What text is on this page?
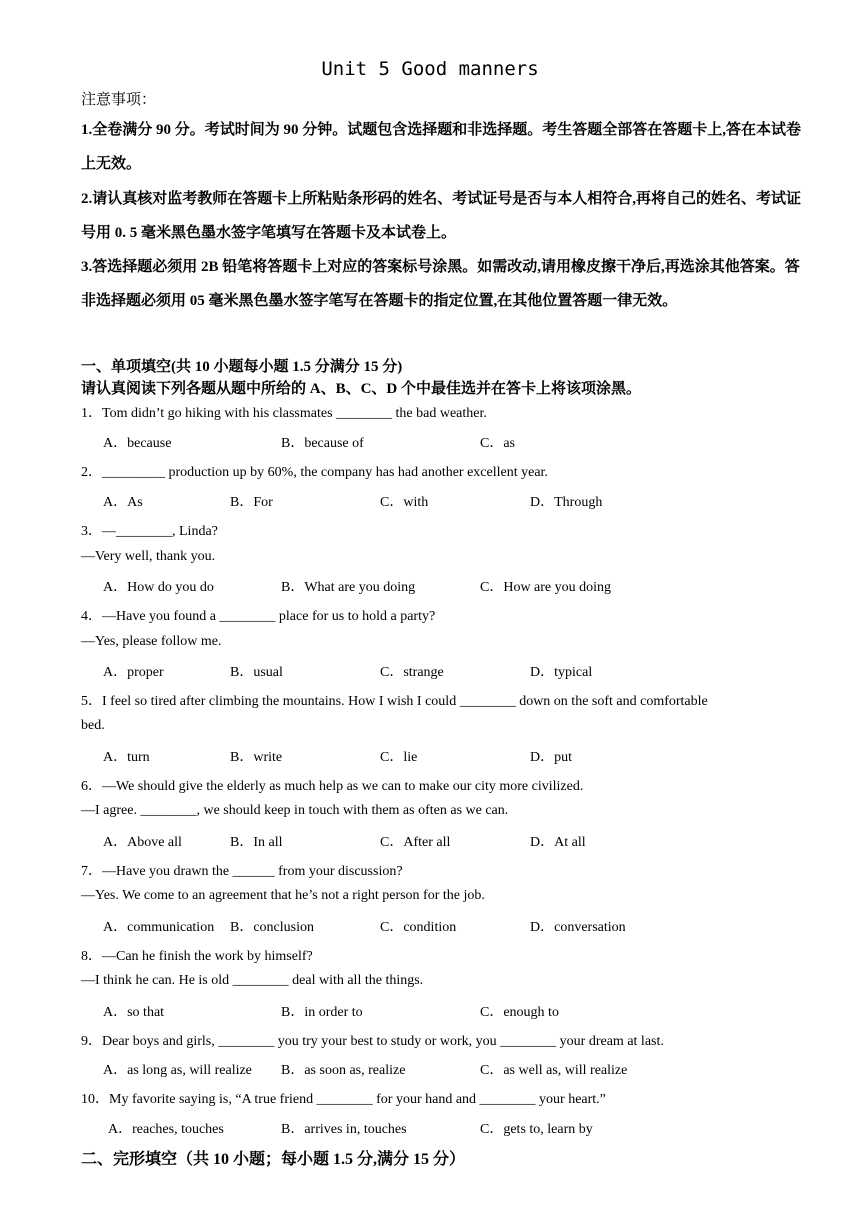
Unit 5 Good manners
注意事项：
1.全卷满分 90 分。考试时间为 90 分钟。试题包含选择题和非选择题。考生答题全部答在答题卡上,答在本试卷上无效。
2.请认真核对监考教师在答题卡上所粘贴条形码的姓名、考试证号是否与本人相符合,再将自己的姓名、考试证号用 0. 5 毫米黑色墨水签字笔填写在答题卡及本试卷上。
3.答选择题必须用 2B 铅笔将答题卡上对应的答案标号涂黑。如需改动,请用橡皮擦干净后,再选涂其他答案。答非选择题必须用 05 毫米黑色墨水签字笔写在答题卡的指定位置,在其他位置答题一律无效。
一、单项填空(共 10 小题每小题 1.5 分满分 15 分)
请认真阅读下列各题从题中所给的 A、B、C、D 个中最佳选并在答卡上将该项涂黑。
1．Tom didn’t go hiking with his classmates ________ the bad weather.
A．because	B．because of	C．as
2．_________ production up by 60%, the company has had another excellent year.
A．As	B．For	C．with	D．Through
3．—________, Linda?
—Very well, thank you.
A．How do you do	B．What are you doing	C．How are you doing
4．—Have you found a ________ place for us to hold a party?
—Yes, please follow me.
A．proper	B．usual	C．strange	D．typical
5．I feel so tired after climbing the mountains. How I wish I could ________ down on the soft and comfortable
bed.
A．turn	B．write	C．lie	D．put
6．—We should give the elderly as much help as we can to make our city more civilized.
—I agree. ________, we should keep in touch with them as often as we can.
A．Above all	B．In all	C．After all	D．At all
7．—Have you drawn the ______ from your discussion?
—Yes. We come to an agreement that he’s not a right person for the job.
A．communication B．conclusion	C．condition	D．conversation
8．—Can he finish the work by himself?
—I think he can. He is old ________ deal with all the things.
A．so that	B．in order to	C．enough to
9．Dear boys and girls, ________ you try your best to study or work, you ________ your dream at last.
A．as long as, will realize B．as soon as, realize	C．as well as, will realize
10．My favorite saying is, “A true friend ________ for your hand and ________ your heart.”
A．reaches, touches	B．arrives in, touches	C．gets to, learn by
二、完形填空（共 10 小题；每小题 1.5 分,满分 15 分）
